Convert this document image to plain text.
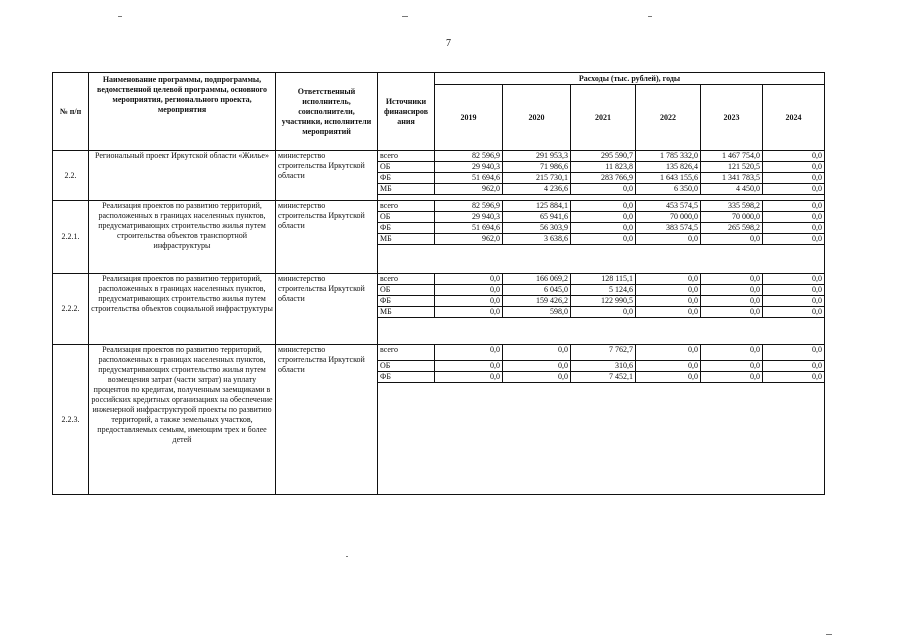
7
№ п/п	Наименование программы, подпрограммы, ведомственной целевой программы, основного мероприятия, регионального проекта, мероприятия	Ответственный исполнитель, соисполнители, участники, исполнители мероприятий	Источники финансиров ания	Расходы (тыс. рублей), годы					
				2019	2020	2021	2022	2023	2024
2.2.	Региональный проект Иркутской области «Жилье»	министерство строительства Иркутской области	всего	82 596,9	291 953,3	295 590,7	1 785 332,0	1 467 754,0	0,0
			ОБ	29 940,3	71 986,6	11 823,8	135 826,4	121 520,5	0,0
			ФБ	51 694,6	215 730,1	283 766,9	1 643 155,6	1 341 783,5	0,0
			МБ	962,0	4 236,6	0,0	6 350,0	4 450,0	0,0

2.2.1.	Реализация проектов по развитию территорий, расположенных в границах населенных пунктов, предусматривающих строительство жилья путем строительства объектов транспортной инфраструктуры	министерство строительства Иркутской области	всего	82 596,9	125 884,1	0,0	453 574,5	335 598,2	0,0
			ОБ	29 940,3	65 941,6	0,0	70 000,0	70 000,0	0,0
			ФБ	51 694,6	56 303,9	0,0	383 574,5	265 598,2	0,0
			МБ	962,0	3 638,6	0,0	0,0	0,0	0,0

2.2.2.	Реализация проектов по развитию территорий, расположенных в границах населенных пунктов, предусматривающих строительство жилья путем строительства объектов социальной инфраструктуры	министерство строительства Иркутской области	всего	0,0	166 069,2	128 115,1	0,0	0,0	0,0
			ОБ	0,0	6 045,0	5 124,6	0,0	0,0	0,0
			ФБ	0,0	159 426,2	122 990,5	0,0	0,0	0,0
			МБ	0,0	598,0	0,0	0,0	0,0	0,0

2.2.3.	Реализация проектов по развитию территорий, расположенных в границах населенных пунктов, предусматривающих строительство жилья путем возмещения затрат (части затрат) на уплату процентов по кредитам, полученным заемщиками в российских кредитных организациях на обеспечение инженерной инфраструктурой проекты по развитию территорий, а также земельных участков, предоставляемых семьям, имеющим трех и более детей	министерство строительства Иркутской области	всего	0,0	0,0	7 762,7	0,0	0,0	0,0
			ОБ	0,0	0,0	310,6	0,0	0,0	0,0
			ФБ	0,0	0,0	7 452,1	0,0	0,0	0,0
